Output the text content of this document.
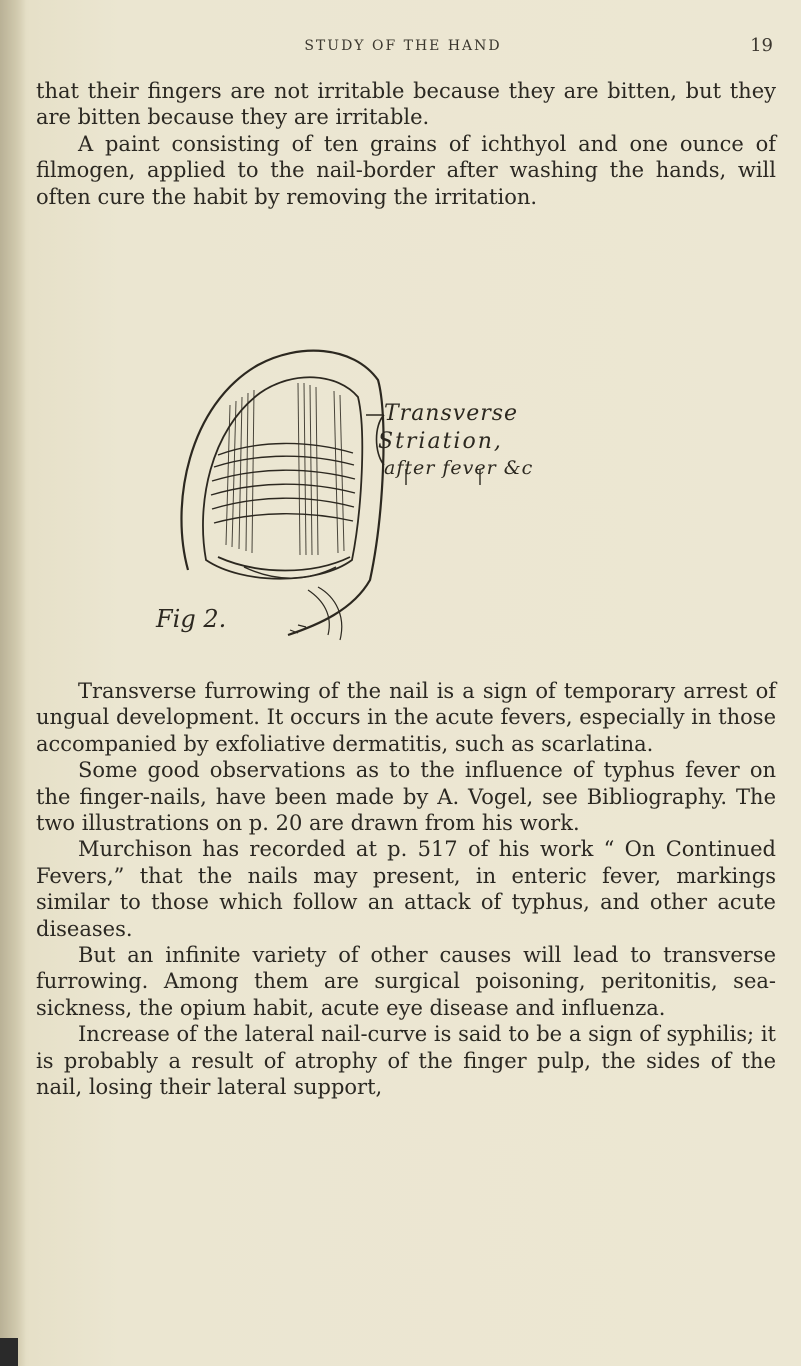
STUDY OF THE HAND	19

that their fingers are not irritable because they are bitten, but they are bitten because they are irritable.

A paint consisting of ten grains of ichthyol and one ounce of filmogen, applied to the nail-border after washing the hands, will often cure the habit by removing the irritation.

Fig 2.
Transverse
Striation,
after fever &c

Transverse furrowing of the nail is a sign of temporary arrest of ungual development. It occurs in the acute fevers, especially in those accompanied by exfoliative dermatitis, such as scarlatina.

Some good observations as to the influence of typhus fever on the finger-nails, have been made by A. Vogel, see Bibliography. The two illustrations on p. 20 are drawn from his work.

Murchison has recorded at p. 517 of his work “ On Continued Fevers,” that the nails may present, in enteric fever, markings similar to those which follow an attack of typhus, and other acute diseases.

But an infinite variety of other causes will lead to transverse furrowing. Among them are surgical poisoning, peritonitis, sea-sickness, the opium habit, acute eye disease and influenza.

Increase of the lateral nail-curve is said to be a sign of syphilis; it is probably a result of atrophy of the finger pulp, the sides of the nail, losing their lateral support,
